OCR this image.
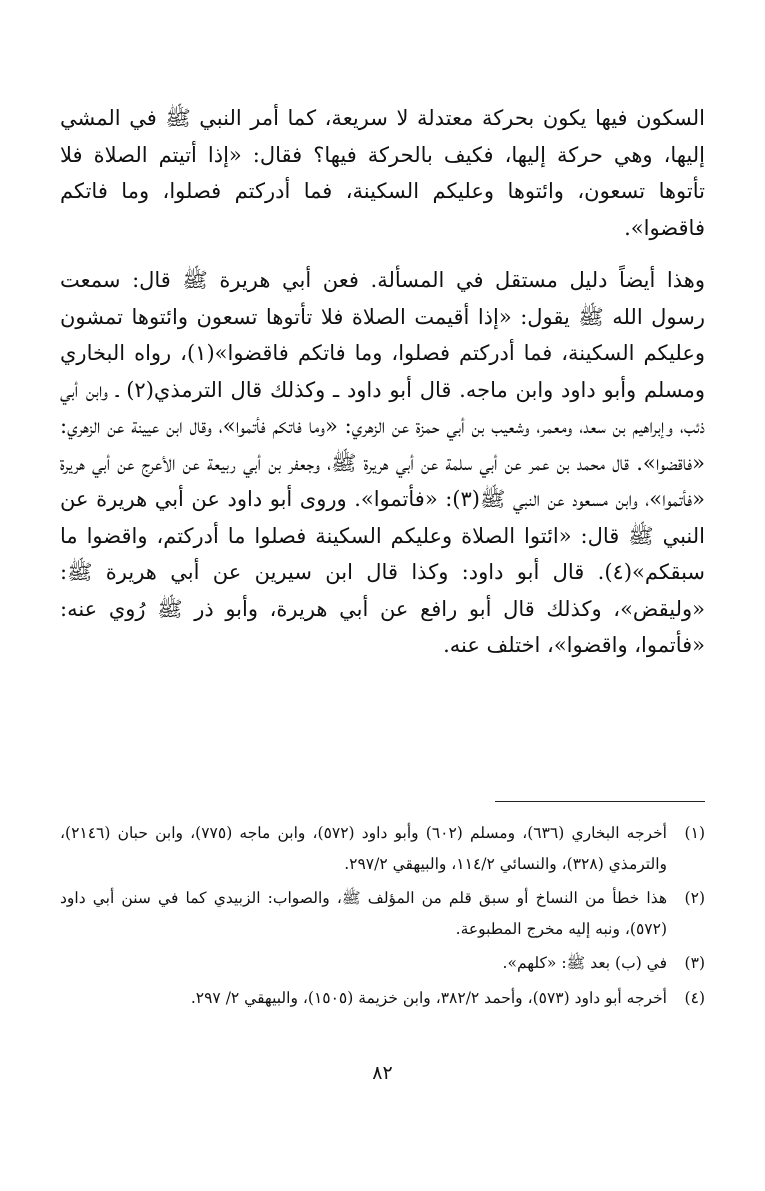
السكون فيها يكون بحركة معتدلة لا سريعة، كما أمر النبي ﷺ في المشي إليها، وهي حركة إليها، فكيف بالحركة فيها؟ فقال: «إذا أتيتم الصلاة فلا تأتوها تسعون، وائتوها وعليكم السكينة، فما أدركتم فصلوا، وما فاتكم فاقضوا».

وهذا أيضاً دليل مستقل في المسألة. فعن أبي هريرة ﷺ قال: سمعت رسول الله ﷺ يقول: «إذا أقيمت الصلاة فلا تأتوها تسعون وائتوها تمشون وعليكم السكينة، فما أدركتم فصلوا، وما فاتكم فاقضوا»(١)، رواه البخاري ومسلم وأبو داود وابن ماجه. قال أبو داود ـ وكذلك قال الترمذي(٢) ـ وابن أبي ذئب، وإبراهيم بن سعد، ومعمر، وشعيب بن أبي حمزة عن الزهري: «وما فاتكم فأتموا»، وقال ابن عيينة عن الزهري: «فاقضوا». قال محمد بن عمر عن أبي سلمة عن أبي هريرة ﷺ، وجعفر بن أبي ربيعة عن الأعرج عن أبي هريرة «فأتموا»، وابن مسعود عن النبي ﷺ(٣): «فأتموا». وروى أبو داود عن أبي هريرة عن النبي ﷺ قال: «ائتوا الصلاة وعليكم السكينة فصلوا ما أدركتم، واقضوا ما سبقكم»(٤). قال أبو داود: وكذا قال ابن سيرين عن أبي هريرة ﷺ: «وليقض»، وكذلك قال أبو رافع عن أبي هريرة، وأبو ذر ﷺ رُوي عنه: «فأتموا، واقضوا»، اختلف عنه.

(١)
أخرجه البخاري (٦٣٦)، ومسلم (٦٠٢) وأبو داود (٥٧٢)، وابن ماجه (٧٧٥)، وابن حبان (٢١٤٦)، والترمذي (٣٢٨)، والنسائي ١١٤/٢، والبيهقي ٢٩٧/٢.
(٢)
هذا خطأ من النساخ أو سبق قلم من المؤلف ﷺ، والصواب: الزبيدي كما في سنن أبي داود (٥٧٢)، ونبه إليه مخرج المطبوعة.
(٣)
في (ب) بعد ﷺ: «كلهم».
(٤)
أخرجه أبو داود (٥٧٣)، وأحمد ٣٨٢/٢، وابن خزيمة (١٥٠٥)، والبيهقي ٢/ ٢٩٧.
٨٢
